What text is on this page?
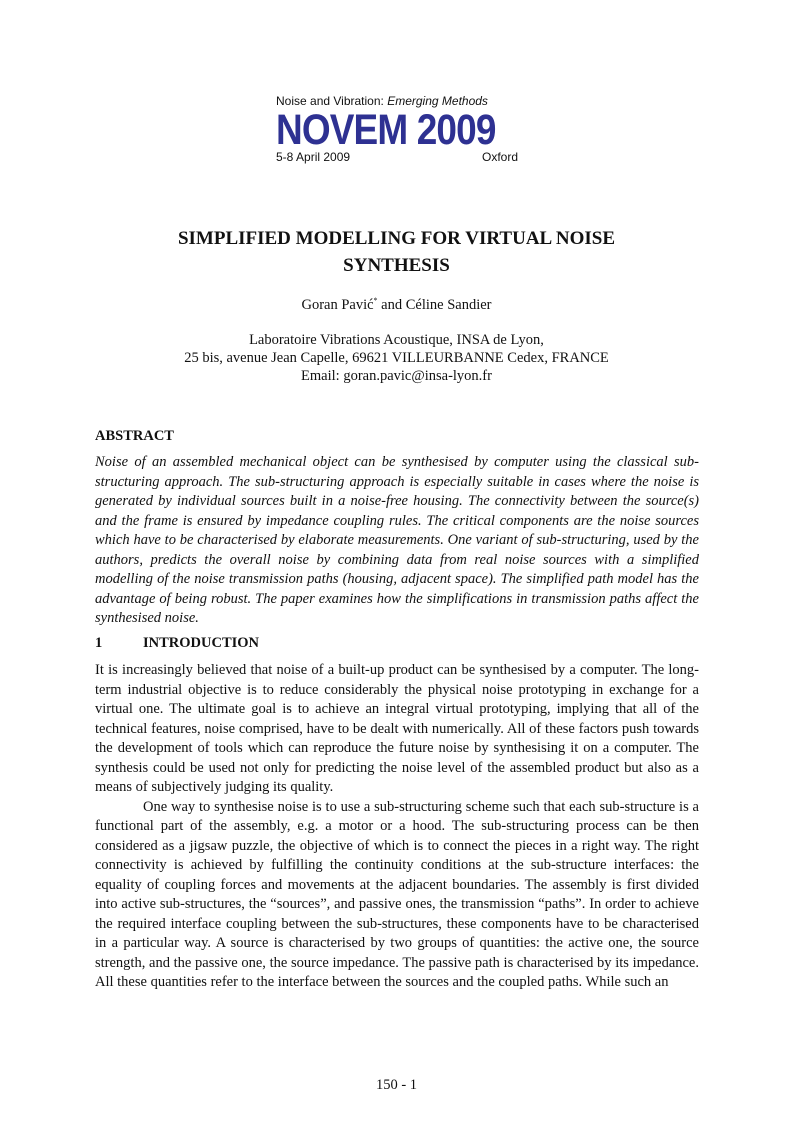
Noise and Vibration: Emerging Methods
NOVEM 2009
5-8 April 2009	Oxford
SIMPLIFIED MODELLING FOR VIRTUAL NOISE
SYNTHESIS
Goran Pavić* and Céline Sandier
Laboratoire Vibrations Acoustique, INSA de Lyon,
25 bis, avenue Jean Capelle, 69621 VILLEURBANNE Cedex, FRANCE
Email: goran.pavic@insa-lyon.fr
ABSTRACT
Noise of an assembled mechanical object can be synthesised by computer using the classical sub-structuring approach. The sub-structuring approach is especially suitable in cases where the noise is generated by individual sources built in a noise-free housing. The connectivity between the source(s) and the frame is ensured by impedance coupling rules. The critical components are the noise sources which have to be characterised by elaborate measurements. One variant of sub-structuring, used by the authors, predicts the overall noise by combining data from real noise sources with a simplified modelling of the noise transmission paths (housing, adjacent space). The simplified path model has the advantage of being robust. The paper examines how the simplifications in transmission paths affect the synthesised noise.
1	INTRODUCTION

It is increasingly believed that noise of a built-up product can be synthesised by a computer. The long-term industrial objective is to reduce considerably the physical noise prototyping in exchange for a virtual one. The ultimate goal is to achieve an integral virtual prototyping, implying that all of the technical features, noise comprised, have to be dealt with numerically. All of these factors push towards the development of tools which can reproduce the future noise by synthesising it on a computer. The synthesis could be used not only for predicting the noise level of the assembled product but also as a means of subjectively judging its quality.

One way to synthesise noise is to use a sub-structuring scheme such that each sub-structure is a functional part of the assembly, e.g. a motor or a hood. The sub-structuring process can be then considered as a jigsaw puzzle, the objective of which is to connect the pieces in a right way. The right connectivity is achieved by fulfilling the continuity conditions at the sub-structure interfaces: the equality of coupling forces and movements at the adjacent boundaries. The assembly is first divided into active sub-structures, the “sources”, and passive ones, the transmission “paths”. In order to achieve the required interface coupling between the sub-structures, these components have to be characterised in a particular way. A source is characterised by two groups of quantities: the active one, the source strength, and the passive one, the source impedance. The passive path is characterised by its impedance. All these quantities refer to the interface between the sources and the coupled paths. While such an

150 - 1
